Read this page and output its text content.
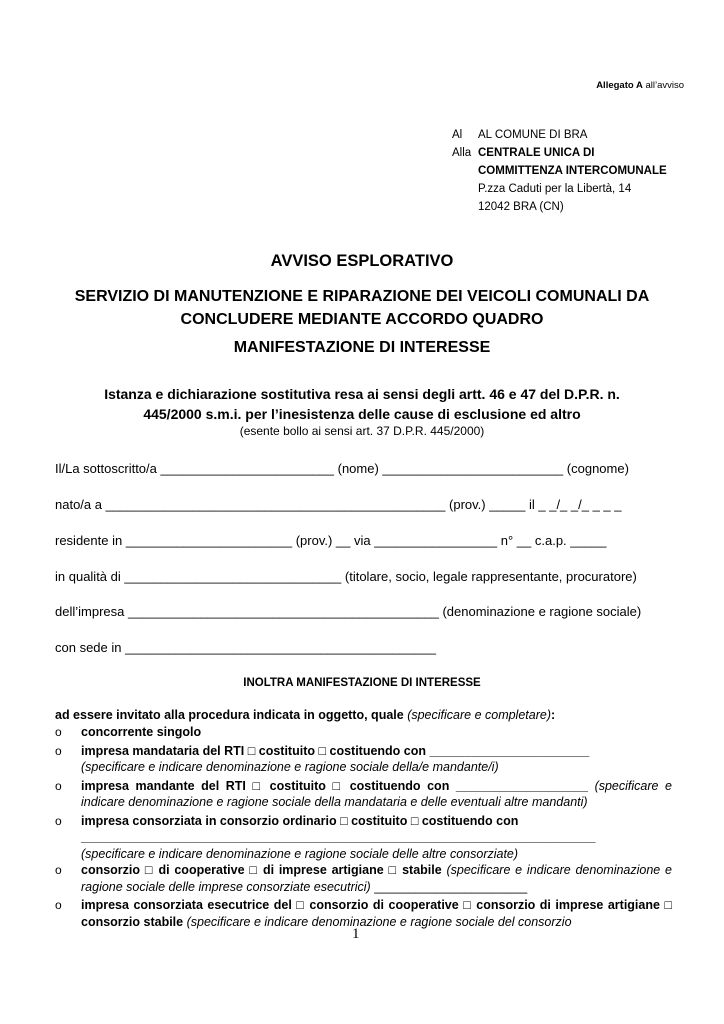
Allegato A all’avviso
Al	AL COMUNE DI BRA
Alla CENTRALE UNICA DI
COMMITTENZA INTERCOMUNALE
P.zza Caduti per la Libertà, 14
12042 BRA (CN)
AVVISO ESPLORATIVO
SERVIZIO DI MANUTENZIONE E RIPARAZIONE DEI VEICOLI COMUNALI DA
CONCLUDERE MEDIANTE ACCORDO QUADRO
MANIFESTAZIONE DI INTERESSE
Istanza e dichiarazione sostitutiva resa ai sensi degli artt. 46 e 47 del D.P.R. n.
445/2000 s.m.i. per l’inesistenza delle cause di esclusione ed altro
(esente bollo ai sensi art. 37 D.P.R. 445/2000)
Il/La sottoscritto/a ________________________ (nome) _________________________ (cognome)
nato/a a _______________________________________________ (prov.) _____ il _ _/_ _/_ _ _ _
residente in _______________________ (prov.) __ via _________________ n° __ c.a.p. _____
in qualità di ______________________________ (titolare, socio, legale rappresentante, procuratore)
dell’impresa ___________________________________________ (denominazione e ragione sociale)
con sede in ___________________________________________
INOLTRA MANIFESTAZIONE DI INTERESSE
ad essere invitato alla procedura indicata in oggetto, quale (specificare e completare):
o	concorrente singolo
o	impresa mandataria del RTI □ costituito □ costituendo con _______________________
(specificare e indicare denominazione e ragione sociale della/e mandante/i)
o	impresa mandante del RTI □ costituito □ costituendo con ___________________ (specificare e indicare denominazione e ragione sociale della mandataria e delle eventuali altre mandanti)
o	impresa consorziata in consorzio ordinario □ costituito □ costituendo con
__________________________________________________________________________
(specificare e indicare denominazione e ragione sociale delle altre consorziate)
o	consorzio □ di cooperative □ di imprese artigiane □ stabile (specificare e indicare denominazione e ragione sociale delle imprese consorziate esecutrici) ______________________
o	impresa consorziata esecutrice del □ consorzio di cooperative □ consorzio di imprese artigiane □ consorzio stabile (specificare e indicare denominazione e ragione sociale del consorzio
1
